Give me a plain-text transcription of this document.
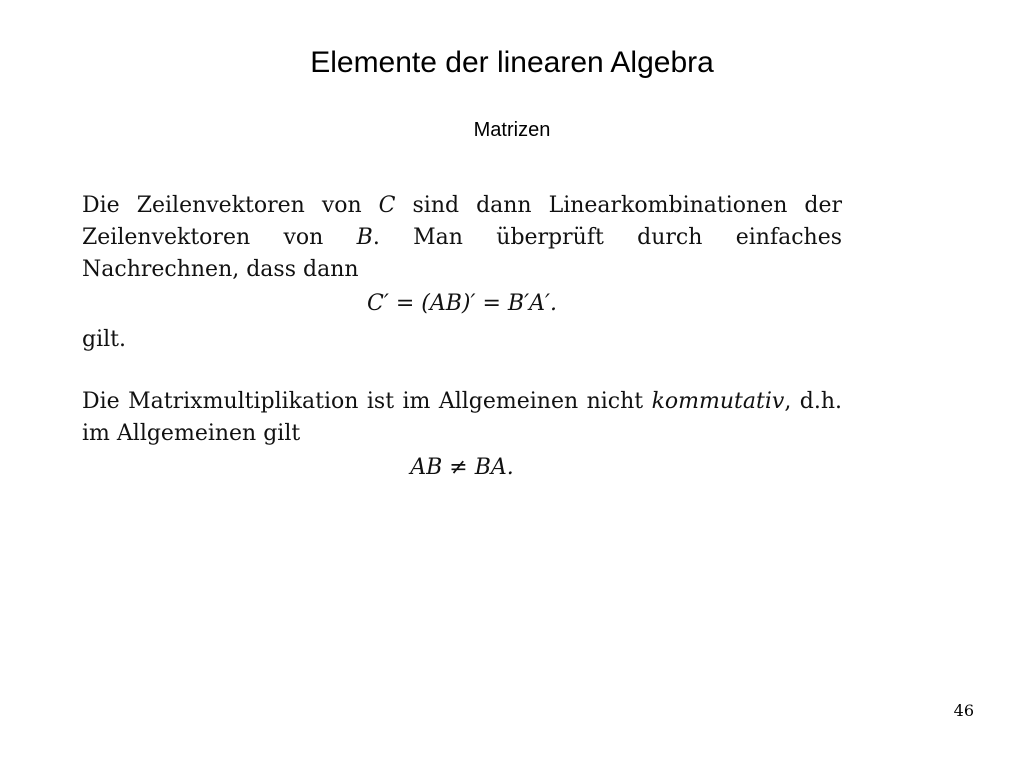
Elemente der linearen Algebra
Matrizen

Die Zeilenvektoren von C sind dann Linearkombinationen der Zeilenvektoren von B. Man überprüft durch einfaches Nachrechnen, dass dann

C′ = (AB)′ = B′A′.

gilt.

Die Matrixmultiplikation ist im Allgemeinen nicht kommutativ, d.h. im Allgemeinen gilt

AB ≠ BA.
46
